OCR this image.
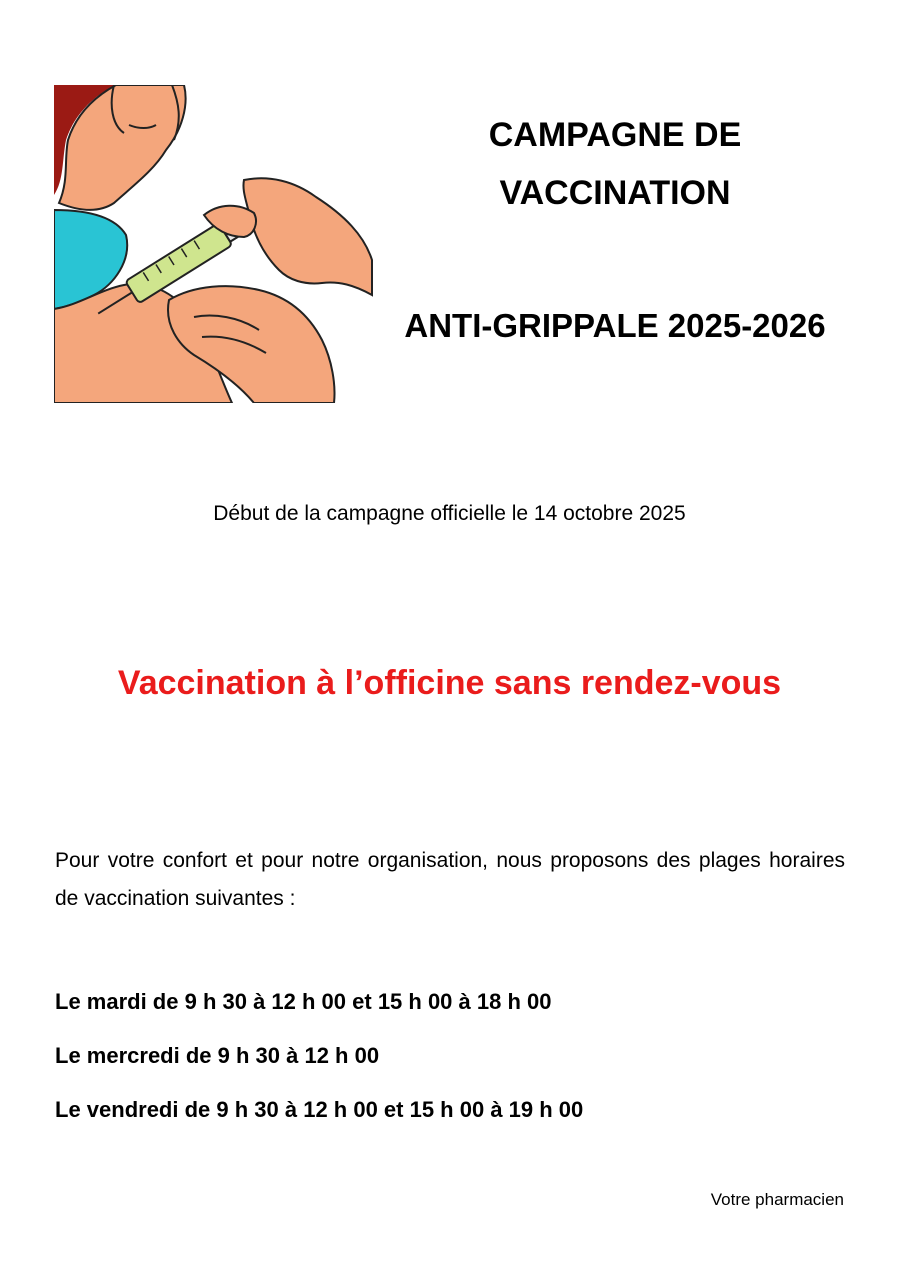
CAMPAGNE DE
VACCINATION
ANTI-GRIPPALE 2025-2026
Début de la campagne officielle le 14 octobre 2025
Vaccination à l’officine sans rendez-vous
Pour votre confort et pour notre organisation, nous proposons des plages horaires de vaccination suivantes :
Le mardi de 9 h 30 à 12 h 00 et 15 h 00 à 18 h 00
Le mercredi de 9 h 30 à 12 h 00
Le vendredi de 9 h 30 à 12 h 00 et 15 h 00 à 19 h 00
Votre pharmacien
